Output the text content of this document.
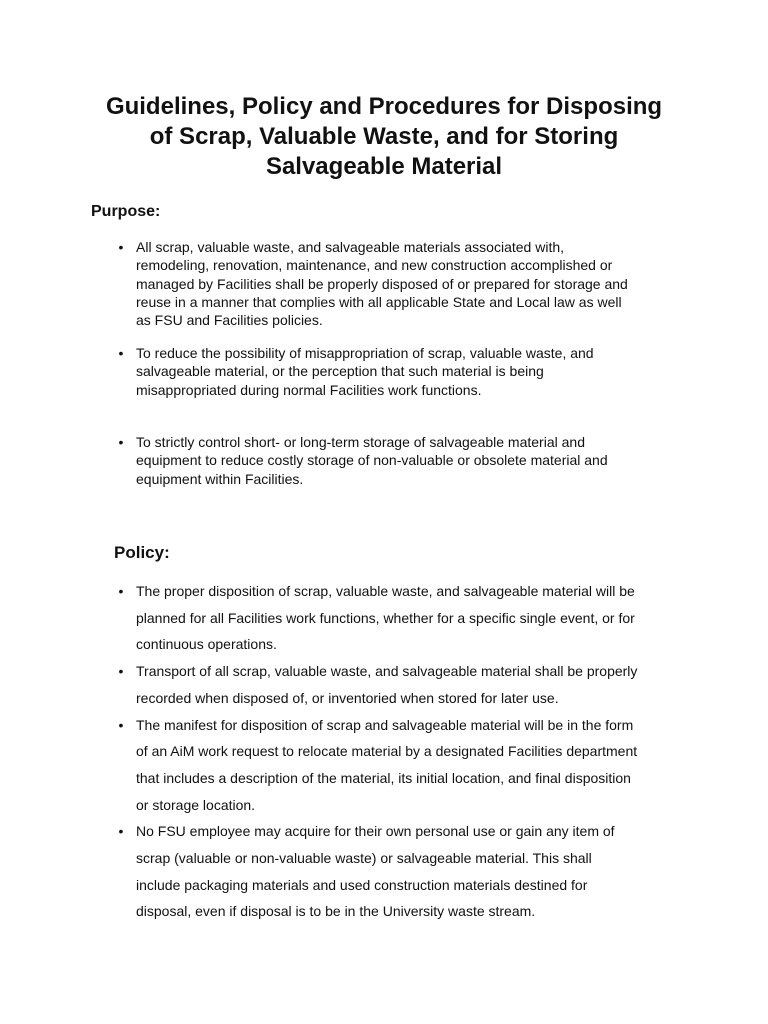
Guidelines, Policy and Procedures for Disposing
of Scrap, Valuable Waste, and for Storing
Salvageable Material
Purpose:
• All scrap, valuable waste, and salvageable materials associated with,
remodeling, renovation, maintenance, and new construction accomplished or
managed by Facilities shall be properly disposed of or prepared for storage and
reuse in a manner that complies with all applicable State and Local law as well
as FSU and Facilities policies.
• To reduce the possibility of misappropriation of scrap, valuable waste, and
salvageable material, or the perception that such material is being
misappropriated during normal Facilities work functions.
• To strictly control short- or long-term storage of salvageable material and
equipment to reduce costly storage of non-valuable or obsolete material and
equipment within Facilities.
Policy:
• The proper disposition of scrap, valuable waste, and salvageable material will be
planned for all Facilities work functions, whether for a specific single event, or for
continuous operations.
• Transport of all scrap, valuable waste, and salvageable material shall be properly
recorded when disposed of, or inventoried when stored for later use.
• The manifest for disposition of scrap and salvageable material will be in the form
of an AiM work request to relocate material by a designated Facilities department
that includes a description of the material, its initial location, and final disposition
or storage location.
• No FSU employee may acquire for their own personal use or gain any item of
scrap (valuable or non-valuable waste) or salvageable material. This shall
include packaging materials and used construction materials destined for
disposal, even if disposal is to be in the University waste stream.
